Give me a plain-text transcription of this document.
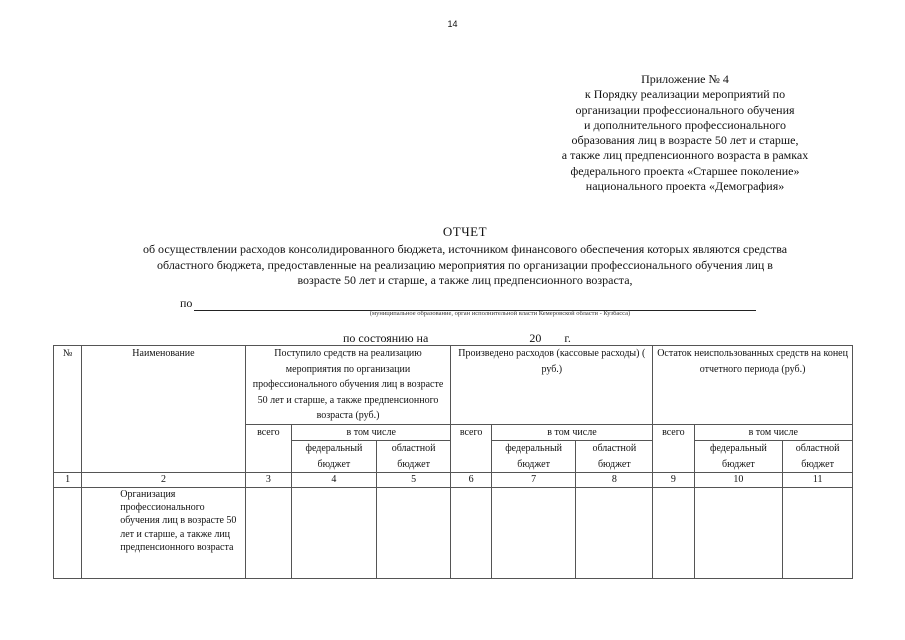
14
Приложение № 4
к Порядку реализации мероприятий по
организации профессионального обучения
и дополнительного профессионального
образования лиц в возрасте 50 лет и старше,
а также лиц предпенсионного возраста в рамках
федерального проекта «Старшее поколение»
национального проекта «Демография»
ОТЧЕТ
об осуществлении расходов консолидированного бюджета, источником финансового обеспечения которых являются средства
областного бюджета, предоставленные на реализацию мероприятия по организации профессионального обучения лиц в
возрасте 50 лет и старше, а также лиц предпенсионного возраста,
по
(муниципальное образование, орган исполнительной власти Кемеровской области - Кузбасса)
по состоянию на	20 г.
№	Наименование	Поступило средств на реализацию мероприятия по организации профессионального обучения лиц в возрасте 50 лет и старше, а также предпенсионного возраста (руб.)			Произведено расходов (кассовые расходы) ( руб.)			Остаток неиспользованных средств на конец отчетного периода (руб.)		
		всего	в том числе		всего	в том числе		всего	в том числе	
			федеральный бюджет	областной бюджет		федеральный бюджет	областной бюджет		федеральный бюджет	областной бюджет
1	2	3	4	5	6	7	8	9	10	11
	Организация профессионального обучения лиц в возрасте 50 лет и старше, а также лиц предпенсионного возраста									
